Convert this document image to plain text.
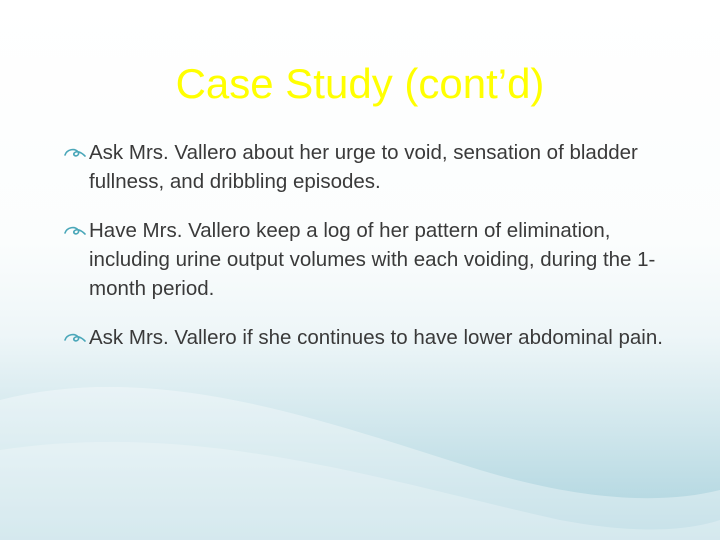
Case Study (cont’d)
Ask Mrs. Vallero about her urge to void, sensation of bladder fullness, and dribbling episodes.
Have Mrs. Vallero keep a log of her pattern of elimination, including urine output volumes with each voiding, during the 1-month period.
Ask Mrs. Vallero if she continues to have lower abdominal pain.
